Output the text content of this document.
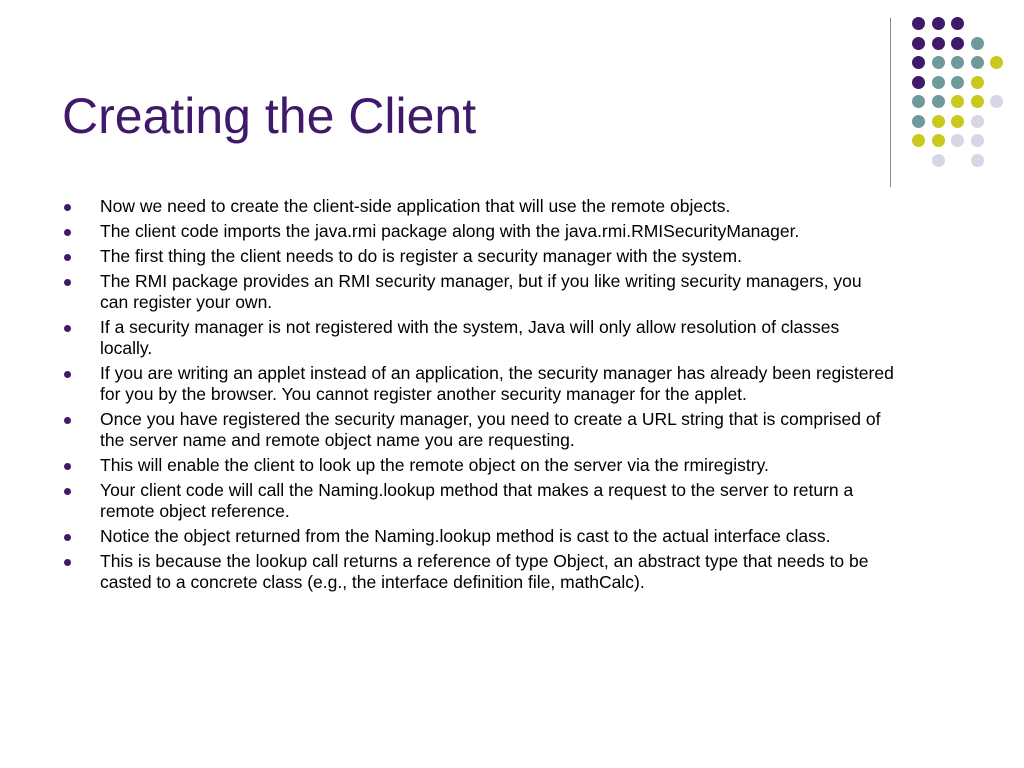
Creating the Client
Now we need to create the client-side application that will use the remote objects.
The client code imports the java.rmi package along with the java.rmi.RMISecurityManager.
The first thing the client needs to do is register a security manager with the system.
The RMI package provides an RMI security manager, but if you like writing security managers, you can register your own.
If a security manager is not registered with the system, Java will only allow resolution of classes locally.
If you are writing an applet instead of an application, the security manager has already been registered for you by the browser. You cannot register another security manager for the applet.
Once you have registered the security manager, you need to create a URL string that is comprised of the server name and remote object name you are requesting.
This will enable the client to look up the remote object on the server via the rmiregistry.
Your client code will call the Naming.lookup method that makes a request to the server to return a remote object reference.
Notice the object returned from the Naming.lookup method is cast to the actual interface class.
This is because the lookup call returns a reference of type Object, an abstract type that needs to be casted to a concrete class (e.g., the interface definition file, mathCalc).
